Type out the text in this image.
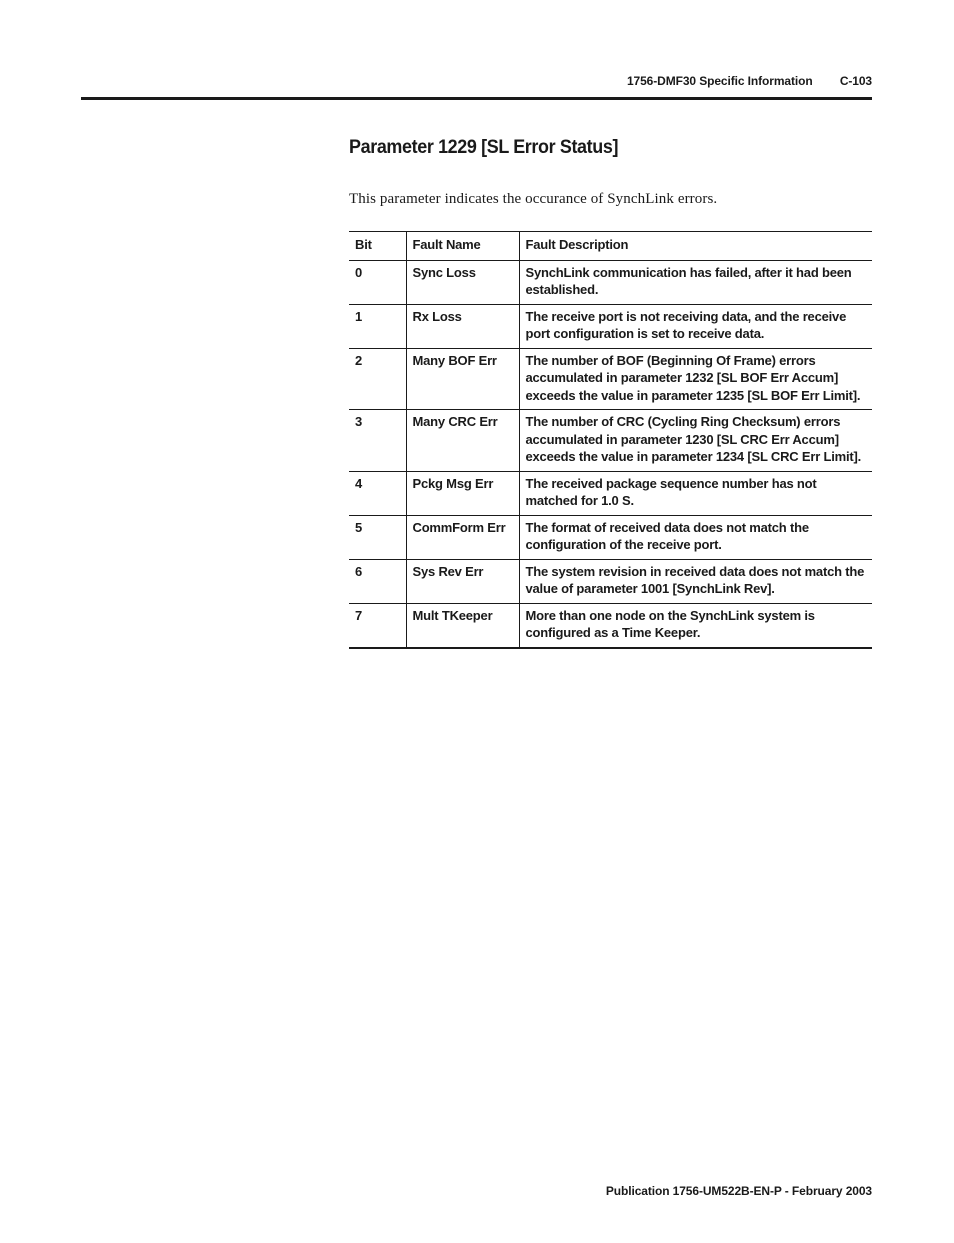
1756-DMF30 Specific Information C-103
Parameter 1229 [SL Error Status]
This parameter indicates the occurance of SynchLink errors.
Bit	Fault Name	Fault Description
0	Sync Loss	SynchLink communication has failed, after it had been established.
1	Rx Loss	The receive port is not receiving data, and the receive port configuration is set to receive data.
2	Many BOF Err	The number of BOF (Beginning Of Frame) errors accumulated in parameter 1232 [SL BOF Err Accum] exceeds the value in parameter 1235 [SL BOF Err Limit].
3	Many CRC Err	The number of CRC (Cycling Ring Checksum) errors accumulated in parameter 1230 [SL CRC Err Accum] exceeds the value in parameter 1234 [SL CRC Err Limit].
4	Pckg Msg Err	The received package sequence number has not matched for 1.0 S.
5	CommForm Err	The format of received data does not match the configuration of the receive port.
6	Sys Rev Err	The system revision in received data does not match the value of parameter 1001 [SynchLink Rev].
7	Mult TKeeper	More than one node on the SynchLink system is configured as a Time Keeper.
Publication 1756-UM522B-EN-P - February 2003
